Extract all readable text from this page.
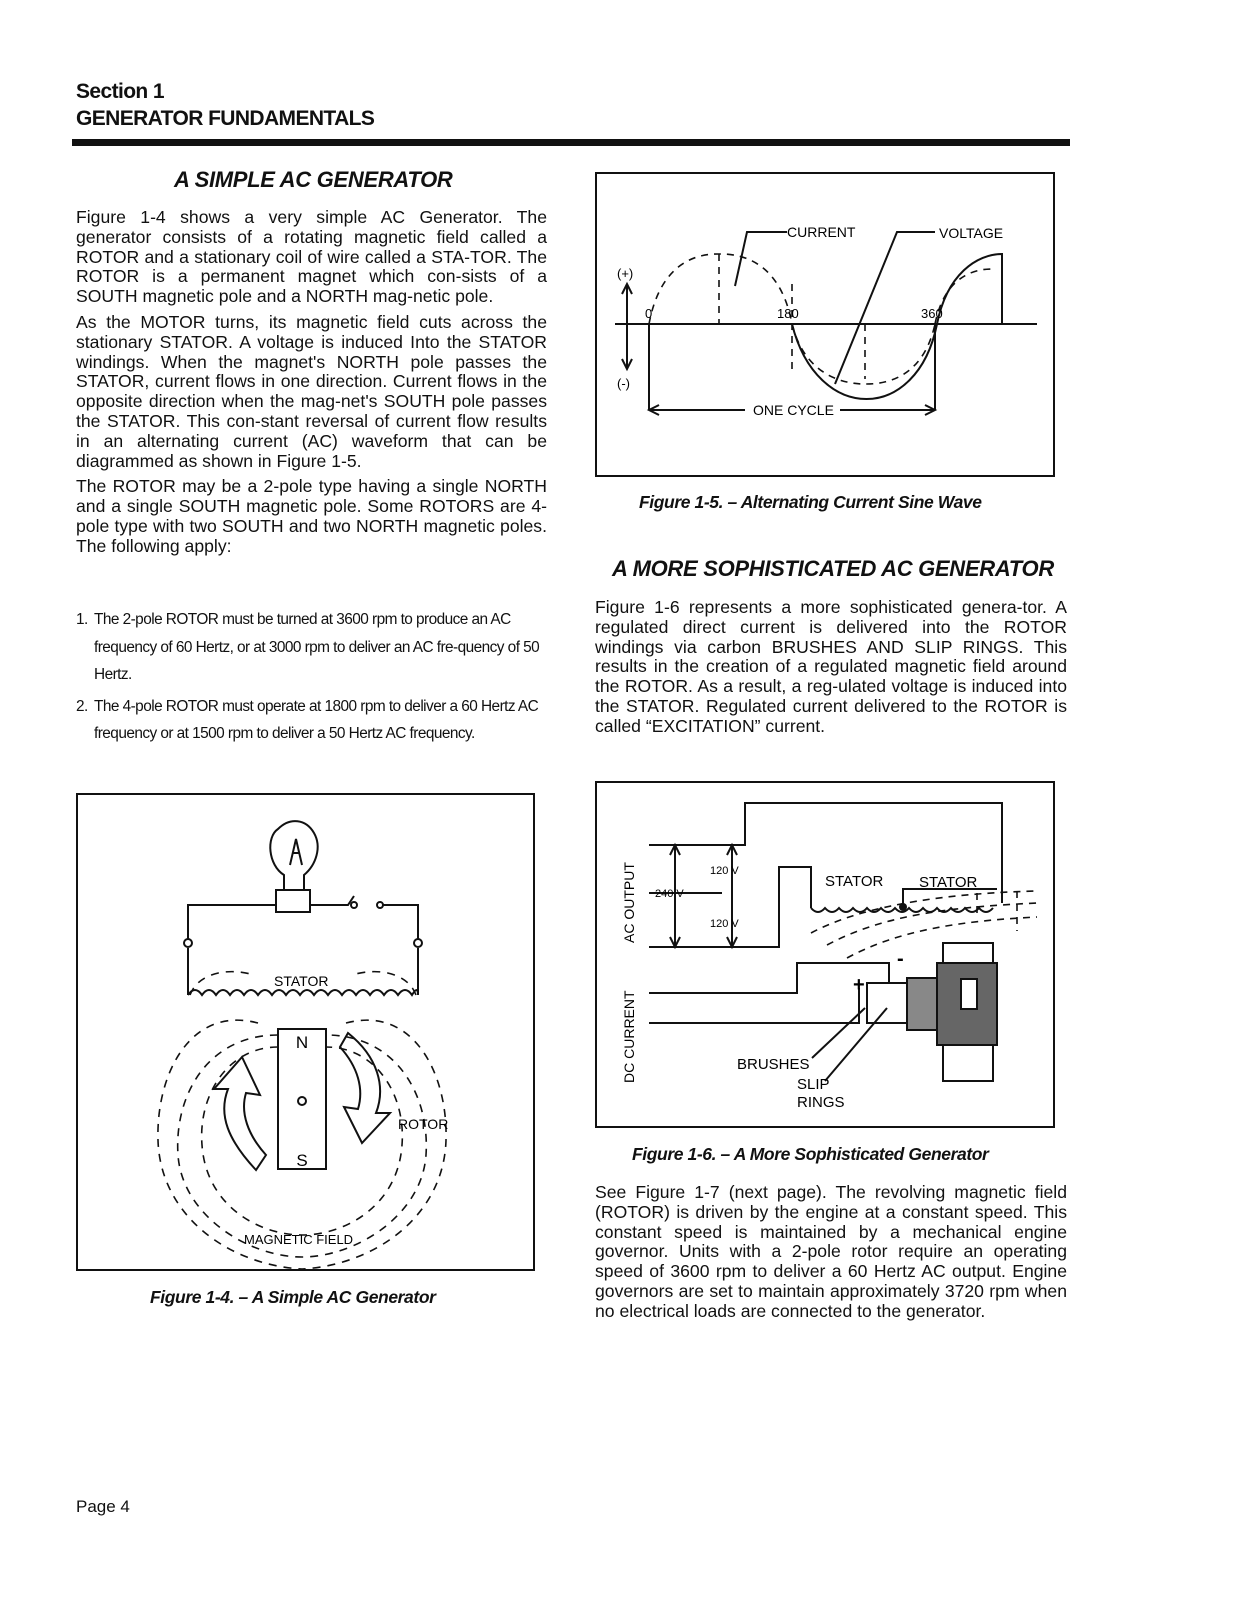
Section 1
GENERATOR FUNDAMENTALS
A SIMPLE AC GENERATOR

Figure 1-4 shows a very simple AC Generator. The generator consists of a rotating magnetic field called a ROTOR and a stationary coil of wire called a STA-TOR. The ROTOR is a permanent magnet which con-sists of a SOUTH magnetic pole and a NORTH mag-netic pole.

As the MOTOR turns, its magnetic field cuts across the stationary STATOR. A voltage is induced Into the STATOR windings. When the magnet's NORTH pole passes the STATOR, current flows in one direction. Current flows in the opposite direction when the mag-net's SOUTH pole passes the STATOR. This con-stant reversal of current flow results in an alternating current (AC) waveform that can be diagrammed as shown in Figure 1-5.

The ROTOR may be a 2-pole type having a single NORTH and a single SOUTH magnetic pole. Some ROTORS are 4-pole type with two SOUTH and two NORTH magnetic poles. The following apply:

1. The 2-pole ROTOR must be turned at 3600 rpm to produce an AC frequency of 60 Hertz, or at 3000 rpm to deliver an AC fre-quency of 50 Hertz.
2. The 4-pole ROTOR must operate at 1800 rpm to deliver a 60 Hertz AC frequency or at 1500 rpm to deliver a 50 Hertz AC frequency.
STATOR
N
S
ROTOR
MAGNETIC FIELD
Figure 1-4. – A Simple AC Generator
CURRENT	VOLTAGE
(+)
(-)
0	180	360
ONE CYCLE
Figure 1-5. – Alternating Current Sine Wave
A MORE SOPHISTICATED AC GENERATOR

Figure 1-6 represents a more sophisticated genera-tor. A regulated direct current is delivered into the ROTOR windings via carbon BRUSHES AND SLIP RINGS. This results in the creation of a regulated magnetic field around the ROTOR. As a result, a reg-ulated voltage is induced into the STATOR. Regulated current delivered to the ROTOR is called “EXCITATION” current.

AC OUTPUT
DC CURRENT
120 V
240 V
120 V
STATOR STATOR
+
-
BRUSHES
SLIP
RINGS
Figure 1-6. – A More Sophisticated Generator

See Figure 1-7 (next page). The revolving magnetic field (ROTOR) is driven by the engine at a constant speed. This constant speed is maintained by a mechanical engine governor. Units with a 2-pole rotor require an operating speed of 3600 rpm to deliver a 60 Hertz AC output. Engine governors are set to maintain approximately 3720 rpm when no electrical loads are connected to the generator.

Page 4
